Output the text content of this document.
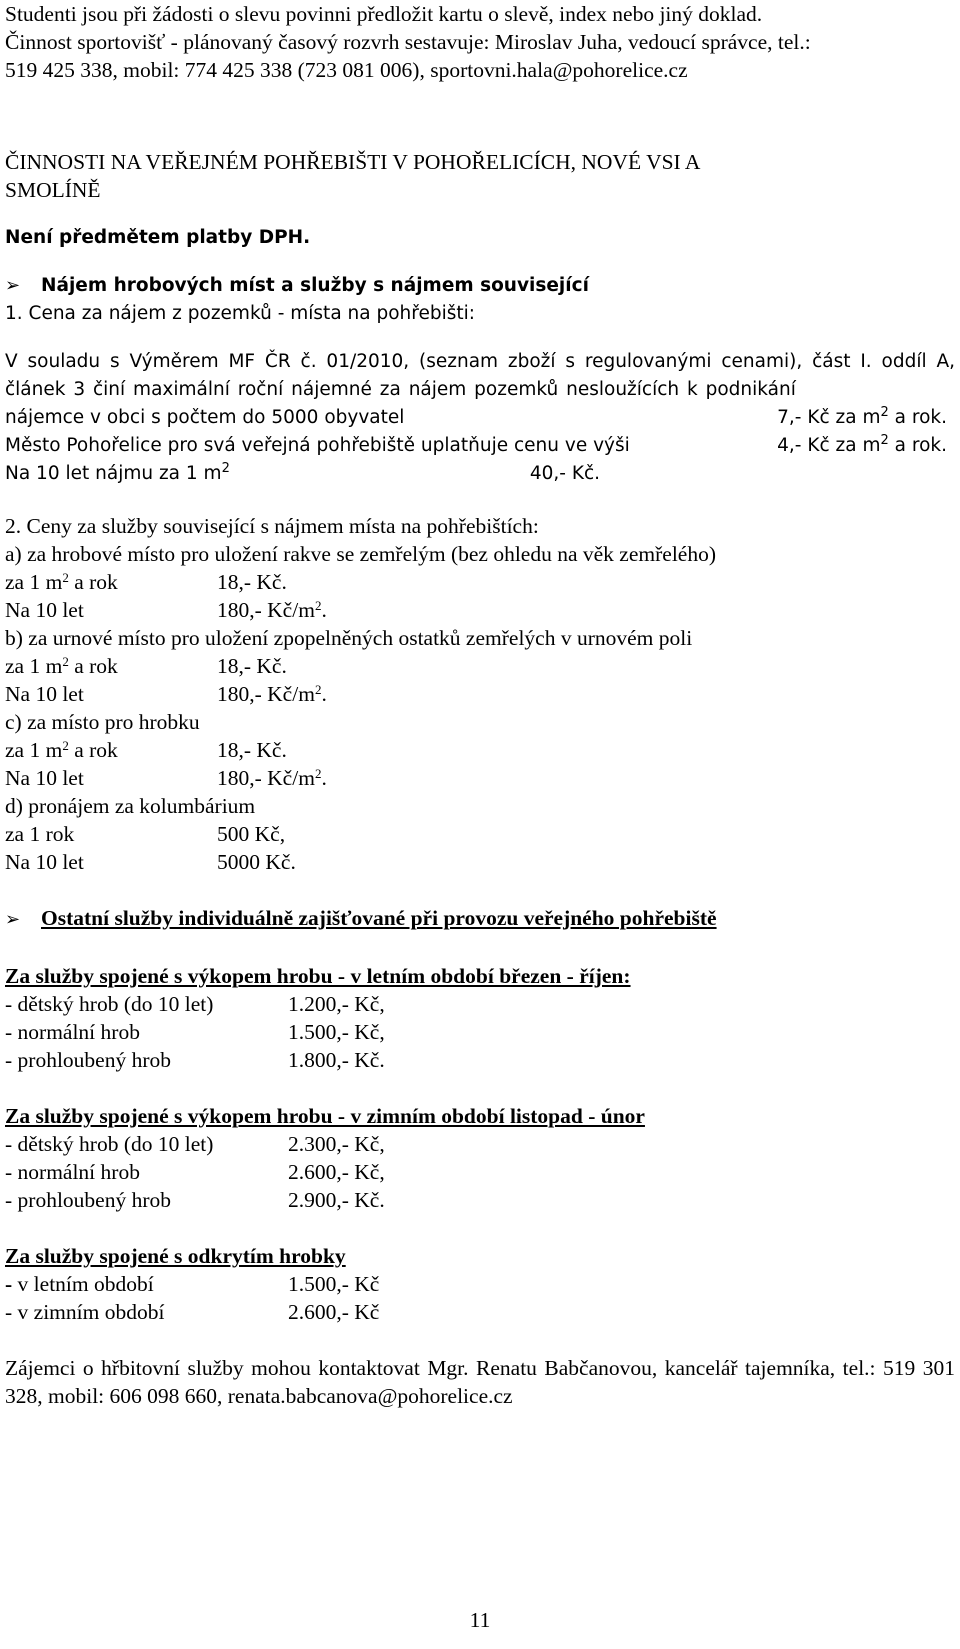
Studenti jsou při žádosti o slevu povinni předložit kartu o slevě, index nebo jiný doklad.

Činnost sportovišť - plánovaný časový rozvrh sestavuje: Miroslav Juha, vedoucí správce, tel.:

519 425 338, mobil: 774 425 338 (723 081 006), sportovni.hala@pohorelice.cz

ČINNOSTI NA VEŘEJNÉM POHŘEBIŠTI V POHOŘELICÍCH, NOVÉ VSI A

SMOLÍNĚ

Není předmětem platby DPH.

➢	Nájem hrobových míst a služby s nájmem související

1. Cena za nájem z pozemků - místa na pohřebišti:

V souladu s Výměrem MF ČR č. 01/2010, (seznam zboží s regulovanými cenami), část I. oddíl A, článek 3 činí maximální roční nájemné za nájem pozemků nesloužících k podnikání

nájemce v obci s počtem do 5000 obyvatel	7,- Kč za $m^2$ a rok.
Město Pohořelice pro svá veřejná pohřebiště uplatňuje cenu ve výši	4,- Kč za $m^2$ a rok.
Na 10 let nájmu za 1 $m^2$	40,- Kč.

2. Ceny za služby související s nájmem místa na pohřebištích:

a) za hrobové místo pro uložení rakve se zemřelým (bez ohledu na věk zemřelého)

za 1 $m^2$ a rok	18,- Kč.
Na 10 let	180,- $Kč/m^2$.

b) za urnové místo pro uložení zpopelněných ostatků zemřelých v urnovém poli

za 1 $m^2$ a rok	18,- Kč.
Na 10 let	180,- $Kč/m^2$.

c) za místo pro hrobku

za 1 $m^2$ a rok	18,- Kč.
Na 10 let	180,- $Kč/m^2$.

d) pronájem za kolumbárium

za 1 rok	500 Kč,
Na 10 let	5000 Kč.
➢ Ostatní služby individuálně zajišťované při provozu veřejného pohřebiště

Za služby spojené s výkopem hrobu - v letním období březen - říjen:

- dětský hrob (do 10 let)	1.200,- Kč,
- normální hrob	1.500,- Kč,
- prohloubený hrob	1.800,- Kč.

Za služby spojené s výkopem hrobu - v zimním období listopad - únor

- dětský hrob (do 10 let)	2.300,- Kč,
- normální hrob	2.600,- Kč,
- prohloubený hrob	2.900,- Kč.

Za služby spojené s odkrytím hrobky

- v letním období	1.500,- Kč
- v zimním období	2.600,- Kč

Zájemci o hřbitovní služby mohou kontaktovat Mgr. Renatu Babčanovou, kancelář tajemníka, tel.: 519 301 328, mobil: 606 098 660, renata.babcanova@pohorelice.cz

11
